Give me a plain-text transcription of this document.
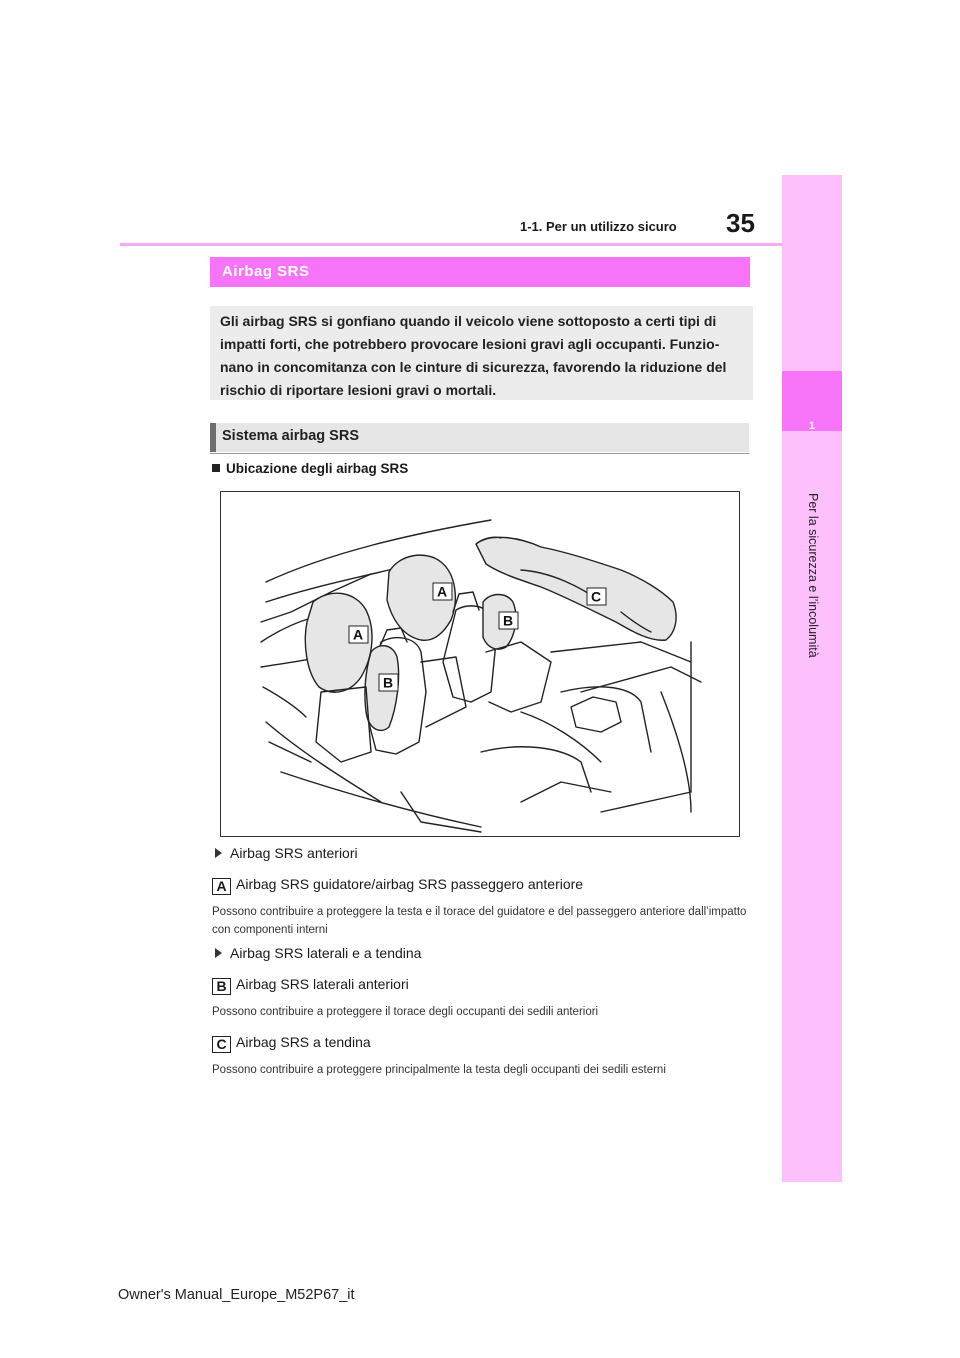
35
1-1. Per un utilizzo sicuro
1
Per la sicurezza e l’incolumità
Airbag SRS
Gli airbag SRS si gonfiano quando il veicolo viene sottoposto a certi tipi di impatti forti, che potrebbero provocare lesioni gravi agli occupanti. Funzio-nano in concomitanza con le cinture di sicurezza, favorendo la riduzione del rischio di riportare lesioni gravi o mortali.
Sistema airbag SRS
Ubicazione degli airbag SRS
A
A
B
B
C
Airbag SRS anteriori
A Airbag SRS guidatore/airbag SRS passeggero anteriore
Possono contribuire a proteggere la testa e il torace del guidatore e del passeggero anteriore dall’impatto con componenti interni
Airbag SRS laterali e a tendina
B Airbag SRS laterali anteriori
Possono contribuire a proteggere il torace degli occupanti dei sedili anteriori
C Airbag SRS a tendina
Possono contribuire a proteggere principalmente la testa degli occupanti dei sedili esterni
Owner's Manual_Europe_M52P67_it
